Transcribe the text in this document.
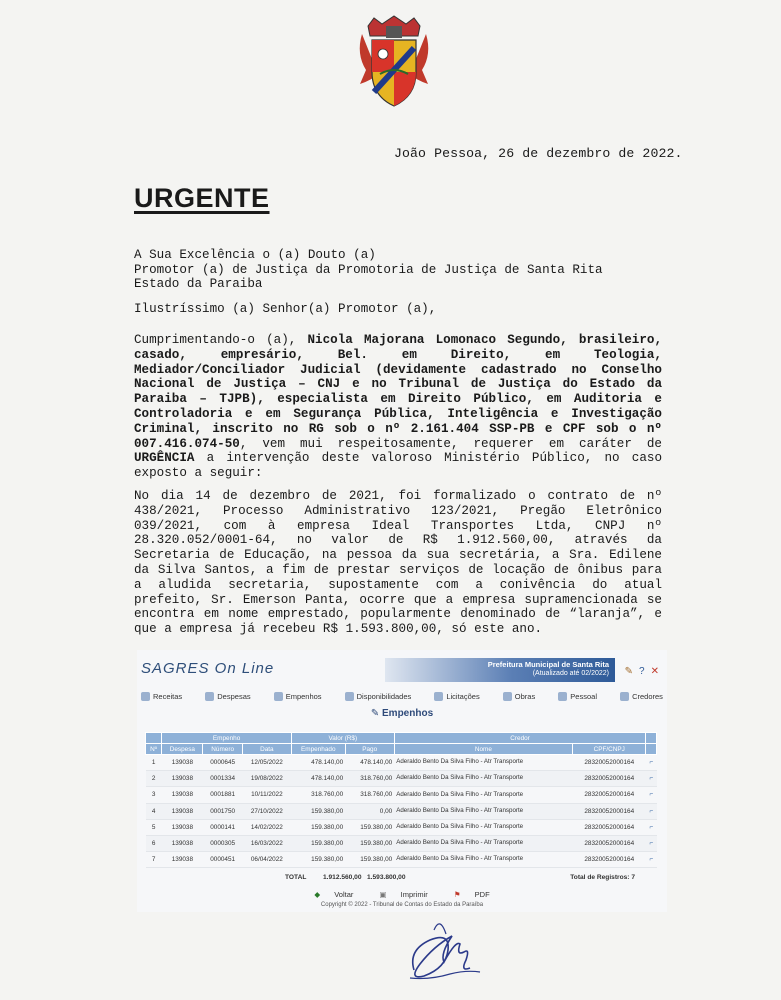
João Pessoa, 26 de dezembro de 2022.
URGENTE
A Sua Excelência o (a) Douto (a)
Promotor (a) de Justiça da Promotoria de Justiça de Santa Rita
Estado da Paraiba
Ilustríssimo (a) Senhor(a) Promotor (a),
Cumprimentando-o (a), Nicola Majorana Lomonaco Segundo, brasileiro, casado, empresário, Bel. em Direito, em Teologia, Mediador/Conciliador Judicial (devidamente cadastrado no Conselho Nacional de Justiça – CNJ e no Tribunal de Justiça do Estado da Paraiba – TJPB), especialista em Direito Público, em Auditoria e Controladoria e em Segurança Pública, Inteligência e Investigação Criminal, inscrito no RG sob o nº 2.161.404 SSP-PB e CPF sob o nº 007.416.074-50, vem mui respeitosamente, requerer em caráter de URGÊNCIA a intervenção deste valoroso Ministério Público, no caso exposto a seguir:
No dia 14 de dezembro de 2021, foi formalizado o contrato de nº 438/2021, Processo Administrativo 123/2021, Pregão Eletrônico 039/2021, com à empresa Ideal Transportes Ltda, CNPJ nº 28.320.052/0001-64, no valor de R$ 1.912.560,00, através da Secretaria de Educação, na pessoa da sua secretária, a Sra. Edilene da Silva Santos, a fim de prestar serviços de locação de ônibus para a aludida secretaria, supostamente com a conivência do atual prefeito, Sr. Emerson Panta, ocorre que a empresa supramencionada se encontra em nome emprestado, popularmente denominado de “laranja”, e que a empresa já recebeu R$ 1.593.800,00, só este ano.
SAGRES On Line	Prefeitura Municipal de Santa Rita
(Atualizado até 02/2022)	✎ ? ✕
Receitas	Despesas	Empenhos	Disponibilidades	Licitações	Obras	Pessoal	Credores
✎ Empenhos
	Empenho			Valor (R$)		Credor		
Nº	Despesa	Número	Data	Empenhado	Pago	Nome	CPF/CNPJ	
1	139038	0000645	12/05/2022	478.140,00	478.140,00	Aderaldo Bento Da Silva Filho - Atr Transporte	28320052000164	⌐
2	139038	0001334	19/08/2022	478.140,00	318.760,00	Aderaldo Bento Da Silva Filho - Atr Transporte	28320052000164	⌐
3	139038	0001881	10/11/2022	318.760,00	318.760,00	Aderaldo Bento Da Silva Filho - Atr Transporte	28320052000164	⌐
4	139038	0001750	27/10/2022	159.380,00	0,00	Aderaldo Bento Da Silva Filho - Atr Transporte	28320052000164	⌐
5	139038	0000141	14/02/2022	159.380,00	159.380,00	Aderaldo Bento Da Silva Filho - Atr Transporte	28320052000164	⌐
6	139038	0000305	16/03/2022	159.380,00	159.380,00	Aderaldo Bento Da Silva Filho - Atr Transporte	28320052000164	⌐
7	139038	0000451	06/04/2022	159.380,00	159.380,00	Aderaldo Bento Da Silva Filho - Atr Transporte	28320052000164	⌐
TOTAL	1.912.560,00 1.593.800,00	Total de Registros: 7
◆ Voltar	▣ Imprimir	⚑ PDF
Copyright © 2022 - Tribunal de Contas do Estado da Paraíba
